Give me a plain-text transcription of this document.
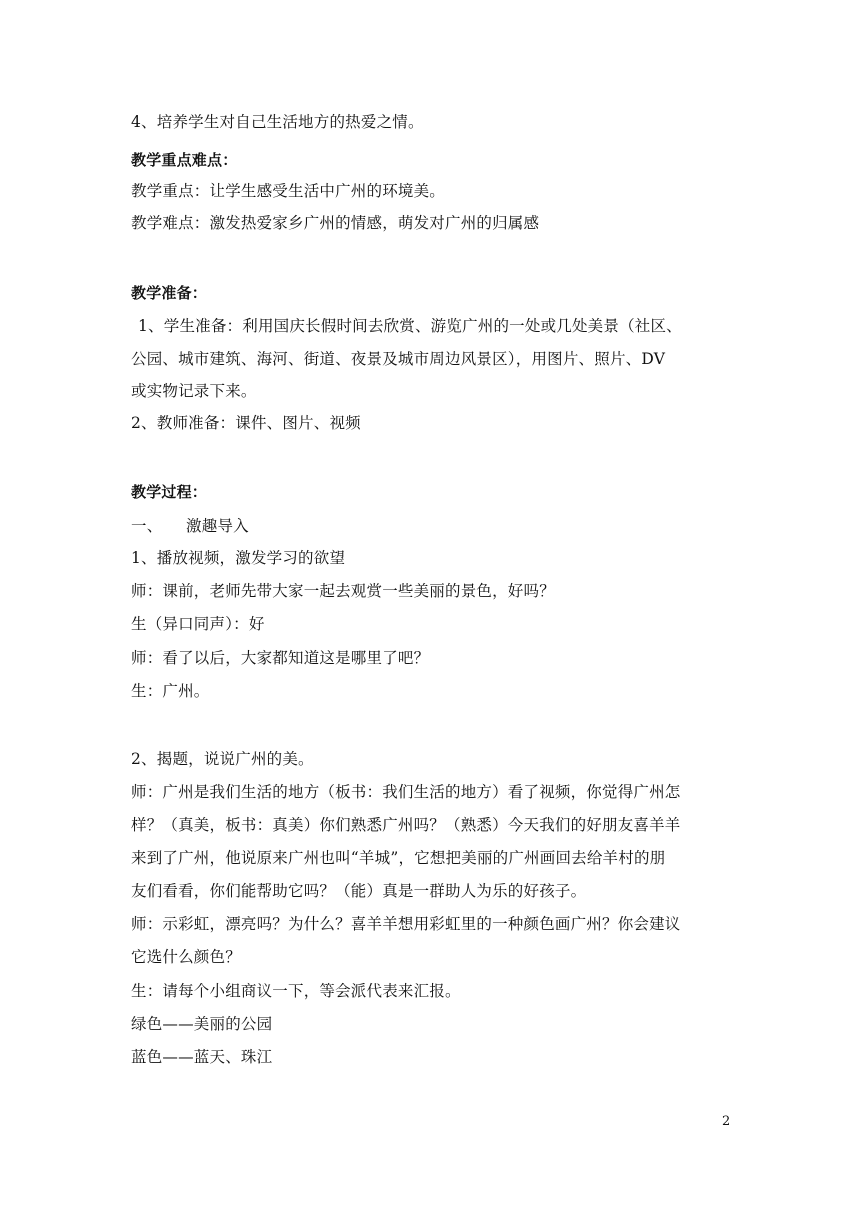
4、培养学生对自己生活地方的热爱之情。
教学重点难点：
教学重点：让学生感受生活中广州的环境美。
教学难点：激发热爱家乡广州的情感，萌发对广州的归属感
教学准备：
1、学生准备：利用国庆长假时间去欣赏、游览广州的一处或几处美景（社区、
公园、城市建筑、海河、街道、夜景及城市周边风景区），用图片、照片、DV
或实物记录下来。
2、教师准备：课件、图片、视频
教学过程：
一、　　激趣导入
1、播放视频，激发学习的欲望
师：课前，老师先带大家一起去观赏一些美丽的景色，好吗？
生（异口同声）：好
师：看了以后，大家都知道这是哪里了吧？
生：广州。
2、揭题，说说广州的美。
师：广州是我们生活的地方（板书：我们生活的地方）看了视频，你觉得广州怎
样？（真美，板书：真美）你们熟悉广州吗？（熟悉）今天我们的好朋友喜羊羊
来到了广州，他说原来广州也叫“羊城”，它想把美丽的广州画回去给羊村的朋
友们看看，你们能帮助它吗？（能）真是一群助人为乐的好孩子。
师：示彩虹，漂亮吗？为什么？喜羊羊想用彩虹里的一种颜色画广州？你会建议
它选什么颜色？
生：请每个小组商议一下，等会派代表来汇报。
绿色——美丽的公园
蓝色——蓝天、珠江
2
